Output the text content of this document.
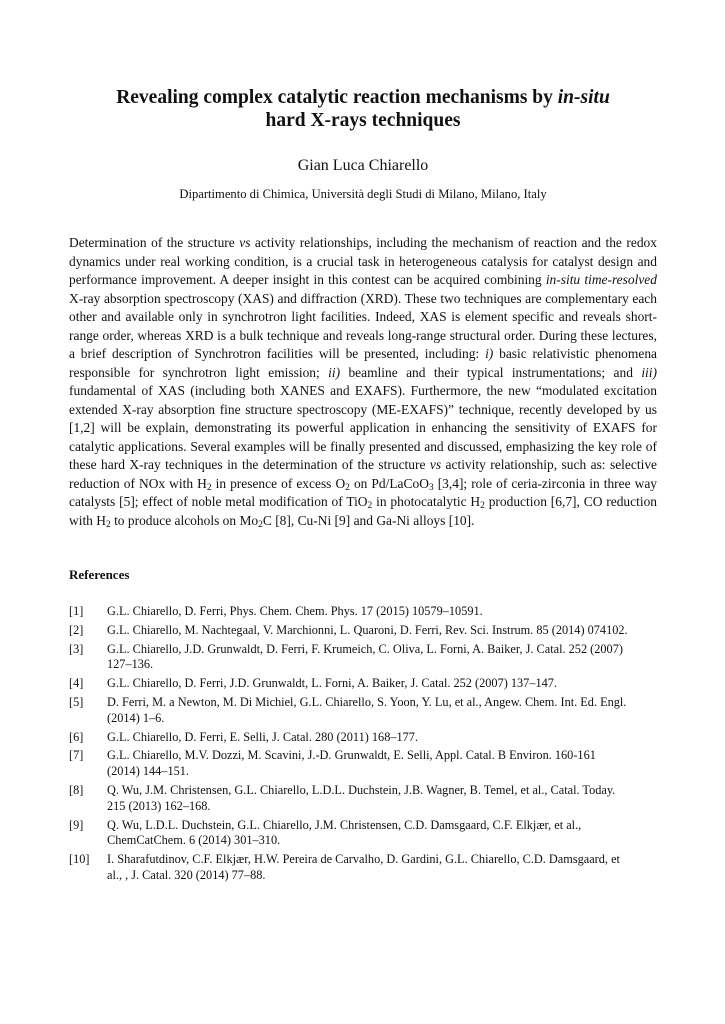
Revealing complex catalytic reaction mechanisms by in-situ
hard X-rays techniques
Gian Luca Chiarello
Dipartimento di Chimica, Università degli Studi di Milano, Milano, Italy

Determination of the structure vs activity relationships, including the mechanism of reaction and the redox dynamics under real working condition, is a crucial task in heterogeneous catalysis for catalyst design and performance improvement. A deeper insight in this contest can be acquired combining in-situ time-resolved X-ray absorption spectroscopy (XAS) and diffraction (XRD). These two techniques are complementary each other and available only in synchrotron light facilities. Indeed, XAS is element specific and reveals short-range order, whereas XRD is a bulk technique and reveals long-range structural order. During these lectures, a brief description of Synchrotron facilities will be presented, including: i) basic relativistic phenomena responsible for synchrotron light emission; ii) beamline and their typical instrumentations; and iii) fundamental of XAS (including both XANES and EXAFS). Furthermore, the new “modulated excitation extended X-ray absorption fine structure spectroscopy (ME-EXAFS)” technique, recently developed by us [1,2] will be explain, demonstrating its powerful application in enhancing the sensitivity of EXAFS for catalytic applications. Several examples will be finally presented and discussed, emphasizing the key role of these hard X-ray techniques in the determination of the structure vs activity relationship, such as: selective reduction of NOx with $H_2$ in presence of excess $O_2$ on Pd/LaCoO$_3$ [3,4]; role of ceria-zirconia in three way catalysts [5]; effect of noble metal modification of TiO$_2$ in photocatalytic $H_2$ production [6,7], CO reduction with $H_2$ to produce alcohols on $Mo_2C$ [8], Cu-Ni [9] and Ga-Ni alloys [10].

References
[1]	G.L. Chiarello, D. Ferri, Phys. Chem. Chem. Phys. 17 (2015) 10579–10591.
[2]	G.L. Chiarello, M. Nachtegaal, V. Marchionni, L. Quaroni, D. Ferri, Rev. Sci. Instrum. 85 (2014) 074102.
[3]	G.L. Chiarello, J.D. Grunwaldt, D. Ferri, F. Krumeich, C. Oliva, L. Forni, A. Baiker, J. Catal. 252 (2007) 127–136.
[4]	G.L. Chiarello, D. Ferri, J.D. Grunwaldt, L. Forni, A. Baiker, J. Catal. 252 (2007) 137–147.
[5]	D. Ferri, M. a Newton, M. Di Michiel, G.L. Chiarello, S. Yoon, Y. Lu, et al., Angew. Chem. Int. Ed. Engl. (2014) 1–6.
[6]	G.L. Chiarello, D. Ferri, E. Selli, J. Catal. 280 (2011) 168–177.
[7]	G.L. Chiarello, M.V. Dozzi, M. Scavini, J.-D. Grunwaldt, E. Selli, Appl. Catal. B Environ. 160-161 (2014) 144–151.
[8]	Q. Wu, J.M. Christensen, G.L. Chiarello, L.D.L. Duchstein, J.B. Wagner, B. Temel, et al., Catal. Today. 215 (2013) 162–168.
[9]	Q. Wu, L.D.L. Duchstein, G.L. Chiarello, J.M. Christensen, C.D. Damsgaard, C.F. Elkjær, et al., ChemCatChem. 6 (2014) 301–310.
[10]	I. Sharafutdinov, C.F. Elkjær, H.W. Pereira de Carvalho, D. Gardini, G.L. Chiarello, C.D. Damsgaard, et al., , J. Catal. 320 (2014) 77–88.
